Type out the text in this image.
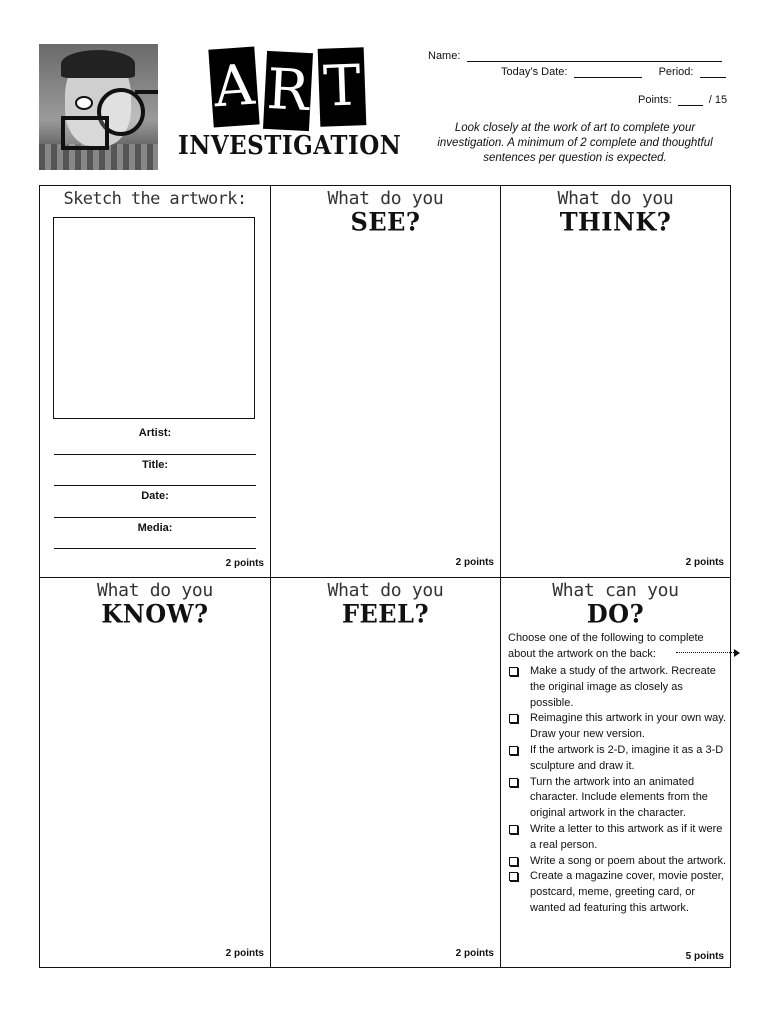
A R T
INVESTIGATION
Name:
Today’s Date:	Period:
Points:	/ 15
Look closely at the work of art to complete your investigation. A minimum of 2 complete and thoughtful sentences per question is expected.
Sketch the artwork:
Artist:
Title:
Date:
Media:
2 points
What do you
SEE?
2 points
What do you
THINK?
2 points
What do you
KNOW?
2 points
What do you
FEEL?
2 points
What can you
DO?
Choose one of the following to complete about the artwork on the back:
Make a study of the artwork. Recreate the original image as closely as possible.
Reimagine this artwork in your own way. Draw your new version.
If the artwork is 2-D, imagine it as a 3-D sculpture and draw it.
Turn the artwork into an animated character. Include elements from the original artwork in the character.
Write a letter to this artwork as if it were a real person.
Write a song or poem about the artwork.
Create a magazine cover, movie poster, postcard, meme, greeting card, or wanted ad featuring this artwork.
5 points
